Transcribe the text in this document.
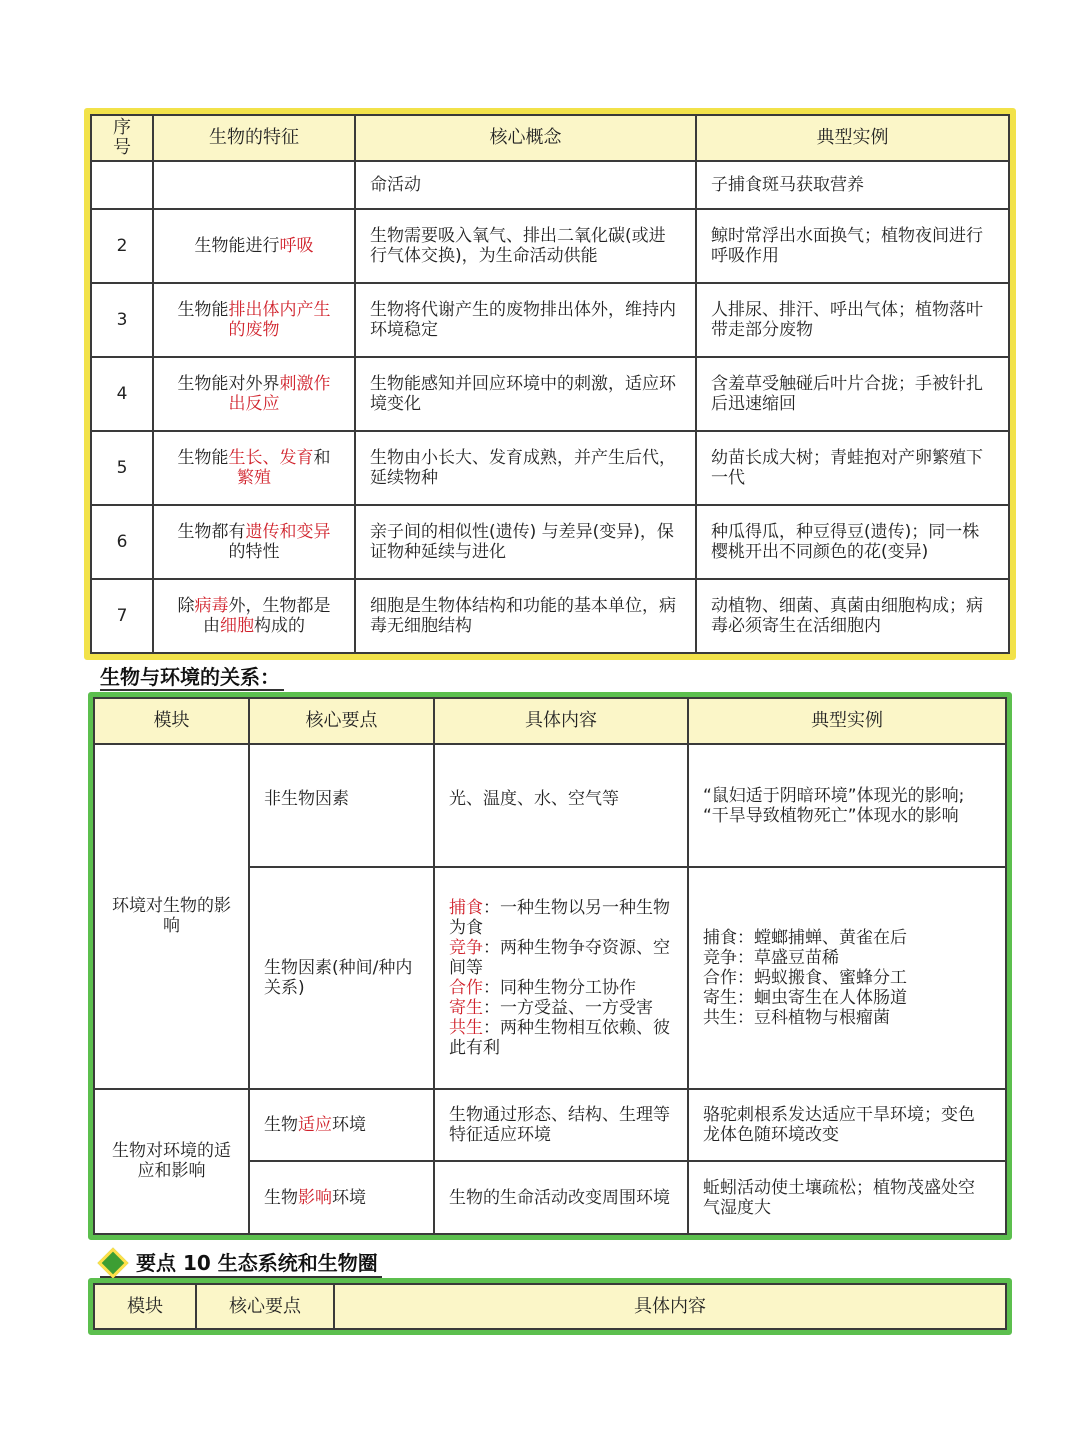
序号	生物的特征	核心概念	典型实例
		命活动	子捕食斑马获取营养
2	生物能进行呼吸	生物需要吸入氧气、排出二氧化碳(或进行气体交换)，为生命活动供能	鲸时常浮出水面换气；植物夜间进行呼吸作用
3	生物能排出体内产生的废物	生物将代谢产生的废物排出体外，维持内环境稳定	人排尿、排汗、呼出气体；植物落叶带走部分废物
4	生物能对外界刺激作出反应	生物能感知并回应环境中的刺激，适应环境变化	含羞草受触碰后叶片合拢；手被针扎后迅速缩回
5	生物能生长、发育和繁殖	生物由小长大、发育成熟，并产生后代，延续物种	幼苗长成大树；青蛙抱对产卵繁殖下一代
6	生物都有遗传和变异的特性	亲子间的相似性(遗传) 与差异(变异)，保证物种延续与进化	种瓜得瓜，种豆得豆(遗传)；同一株樱桃开出不同颜色的花(变异)
7	除病毒外，生物都是由细胞构成的	细胞是生物体结构和功能的基本单位，病毒无细胞结构	动植物、细菌、真菌由细胞构成；病毒必须寄生在活细胞内
生物与环境的关系：
模块	核心要点	具体内容	典型实例
环境对生物的影响	非生物因素	光、温度、水、空气等	“鼠妇适于阴暗环境”体现光的影响;
“干旱导致植物死亡”体现水的影响

	生物因素(种间/种内关系)	捕食：一种生物以另一种生物为食
竞争：两种生物争夺资源、空间等
合作：同种生物分工协作
寄生：一方受益、一方受害
共生：两种生物相互依赖、彼此有利	捕食：螳螂捕蝉、黄雀在后
竞争：草盛豆苗稀
合作：蚂蚁搬食、蜜蜂分工
寄生：蛔虫寄生在人体肠道
共生：豆科植物与根瘤菌

生物对环境的适应和影响	生物适应环境	生物通过形态、结构、生理等特征适应环境	骆驼刺根系发达适应干旱环境；变色龙体色随环境改变
	生物影响环境	生物的生命活动改变周围环境	蚯蚓活动使土壤疏松；植物茂盛处空气湿度大
要点 10 生态系统和生物圈
模块	核心要点	具体内容
